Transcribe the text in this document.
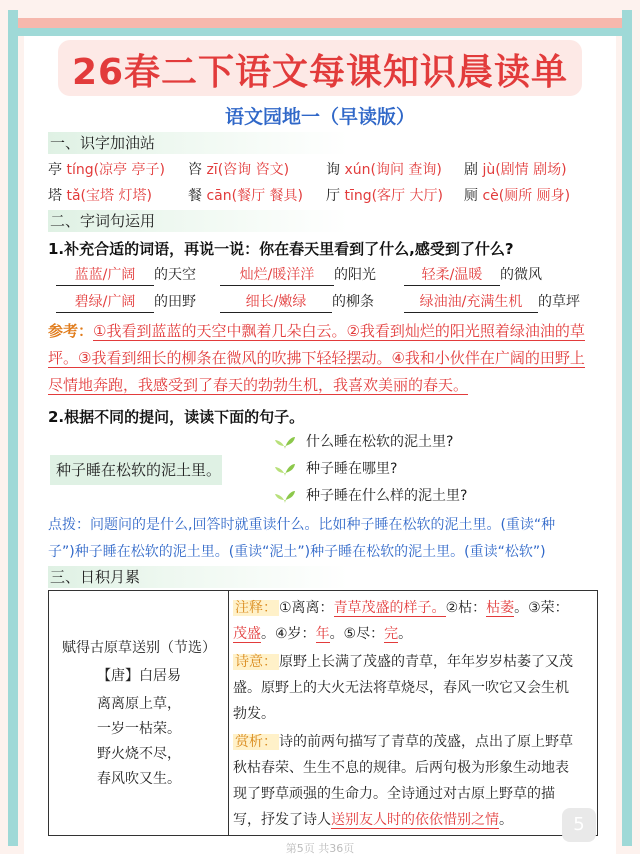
26春二下语文每课知识晨读单
语文园地一（早读版）
一、识字加油站
亭 tíng(凉亭 亭子) 咨 zī(咨询 咨文)	询 xún(询问 查询) 剧 jù(剧情 剧场)
塔 tǎ(宝塔 灯塔)	餐 cān(餐厅 餐具) 厅 tīng(客厅 大厅) 厕 cè(厕所 厕身)
二、字词句运用
1.补充合适的词语，再说一说：你在春天里看到了什么,感受到了什么?
蓝蓝/广阔 的天空	灿烂/暖洋洋 的阳光	轻柔/温暖 的微风
碧绿/广阔 的田野	细长/嫩绿 的柳条	绿油油/充满生机 的草坪
参考：①我看到蓝蓝的天空中飘着几朵白云。②我看到灿烂的阳光照着绿油油的草
坪。③我看到细长的柳条在微风的吹拂下轻轻摆动。④我和小伙伴在广阔的田野上
尽情地奔跑，我感受到了春天的勃勃生机，我喜欢美丽的春天。
2.根据不同的提问，读读下面的句子。
种子睡在松软的泥土里。
什么睡在松软的泥土里?
种子睡在哪里?
种子睡在什么样的泥土里?
点拨：问题问的是什么,回答时就重读什么。比如种子睡在松软的泥土里。(重读“种
子”)种子睡在松软的泥土里。(重读“泥土”)种子睡在松软的泥土里。(重读“松软”)
三、日积月累
赋得古原草送别（节选）
【唐】白居易
离离原上草，
一岁一枯荣。
野火烧不尽，
春风吹又生。
注释： ①离离：青草茂盛的样子。②枯：枯萎。③荣：
茂盛。④岁：年。⑤尽：完。
诗意： 原野上长满了茂盛的青草，年年岁岁枯萎了又茂
盛。原野上的大火无法将草烧尽，春风一吹它又会生机
勃发。
赏析： 诗的前两句描写了青草的茂盛，点出了原上野草
秋枯春荣、生生不息的规律。后两句极为形象生动地表
现了野草顽强的生命力。全诗通过对古原上野草的描
写，抒发了诗人送别友人时的依依惜别之情。	5
第5页 共36页
